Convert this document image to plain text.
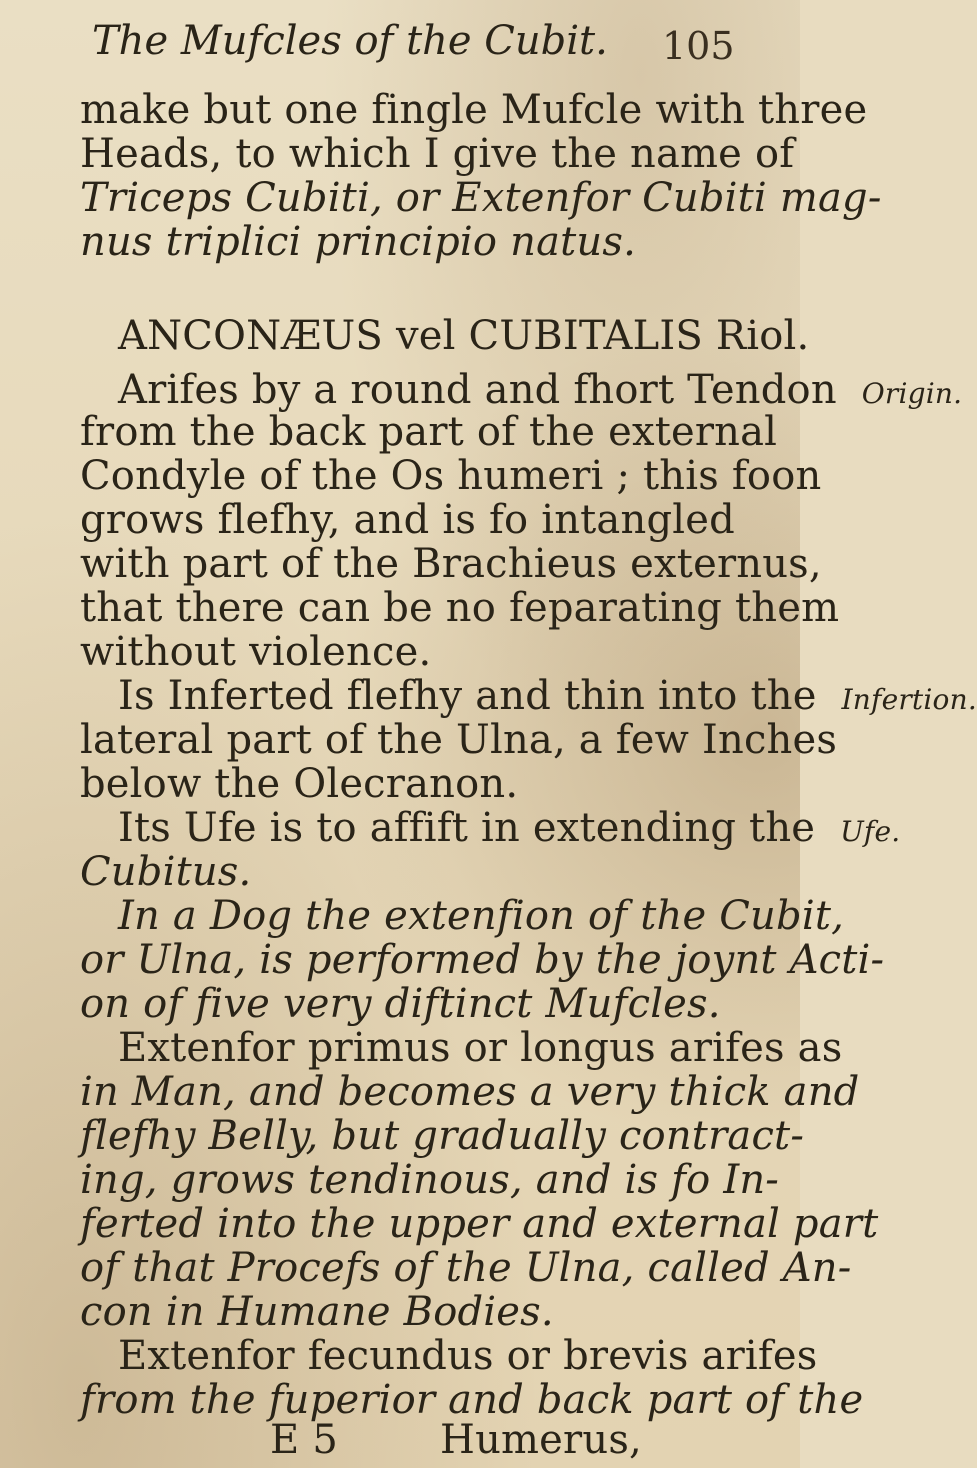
The Mufcles of the Cubit. 105
make but one fingle Mufcle with three
Heads, to which I give the name of
Triceps Cubiti, or Extenfor Cubiti mag-
nus triplici principio natus.
ANCONÆUS vel CUBITALIS Riol.
Arifes by a round and fhort Tendon Origin.
from the back part of the external
Condyle of the Os humeri ; this foon
grows flefhy, and is fo intangled
with part of the Brachieus externus,
that there can be no feparating them
without violence.
Is Inferted flefhy and thin into the Infertion.
lateral part of the Ulna, a few Inches
below the Olecranon.
Its Ufe is to affift in extending the Ufe.
Cubitus.
In a Dog the extenfion of the Cubit,
or Ulna, is performed by the joynt Acti-
on of five very diftinct Mufcles.
Extenfor primus or longus arifes as
in Man, and becomes a very thick and
flefhy Belly, but gradually contract-
ing, grows tendinous, and is fo In-
ferted into the upper and external part
of that Procefs of the Ulna, called An-
con in Humane Bodies.
Extenfor fecundus or brevis arifes
from the fuperior and back part of the
E 5	Humerus,
